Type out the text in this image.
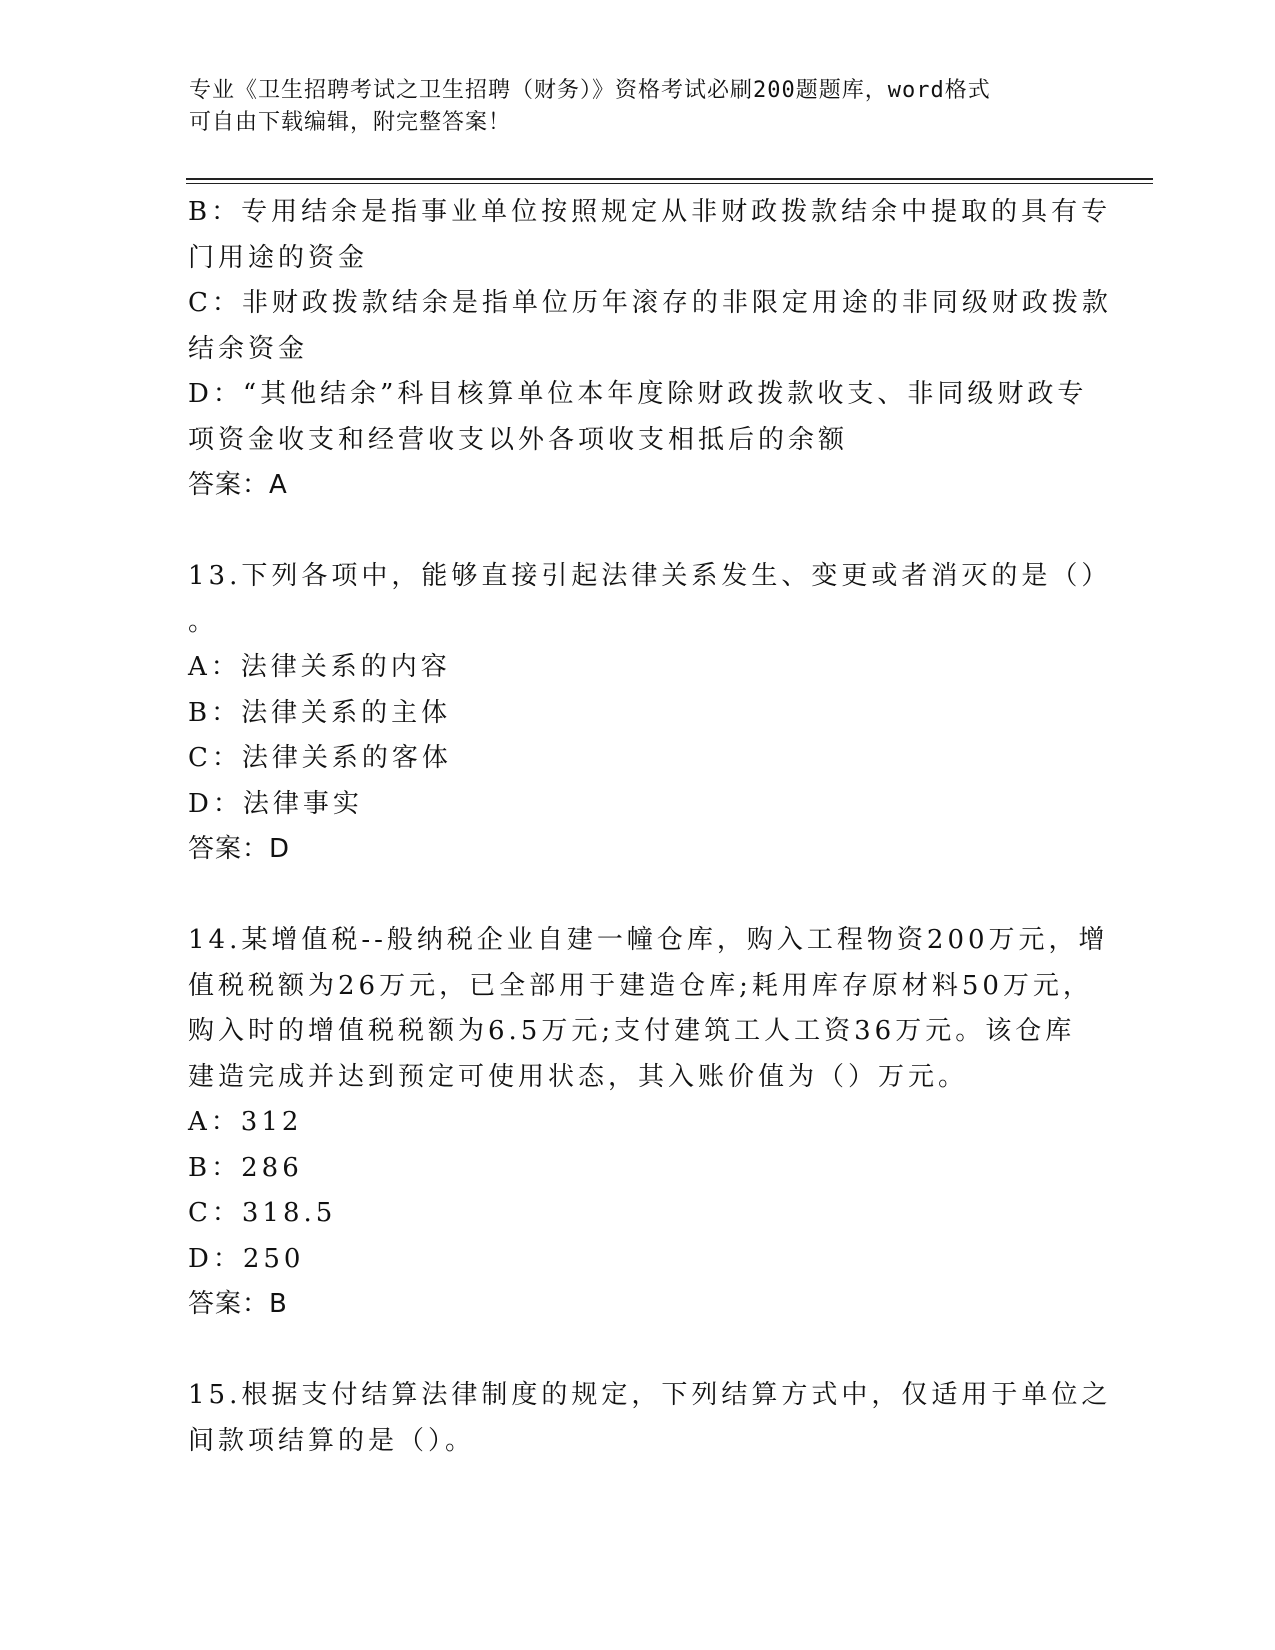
专业《卫生招聘考试之卫生招聘（财务）》资格考试必刷200题题库，word格式
可自由下载编辑，附完整答案！
B：专用结余是指事业单位按照规定从非财政拨款结余中提取的具有专
门用途的资金
C：非财政拨款结余是指单位历年滚存的非限定用途的非同级财政拨款
结余资金
D：“其他结余”科目核算单位本年度除财政拨款收支、非同级财政专
项资金收支和经营收支以外各项收支相抵后的余额
答案：A
13.下列各项中，能够直接引起法律关系发生、变更或者消灭的是（）
。
A：法律关系的内容
B：法律关系的主体
C：法律关系的客体
D：法律事实
答案：D
14.某增值税--般纳税企业自建一幢仓库，购入工程物资200万元，增
值税税额为26万元，已全部用于建造仓库;耗用库存原材料50万元，
购入时的增值税税额为6.5万元;支付建筑工人工资36万元。该仓库
建造完成并达到预定可使用状态，其入账价值为（）万元。
A：312
B：286
C：318.5
D：250
答案：B
15.根据支付结算法律制度的规定，下列结算方式中，仅适用于单位之
间款项结算的是（）。
